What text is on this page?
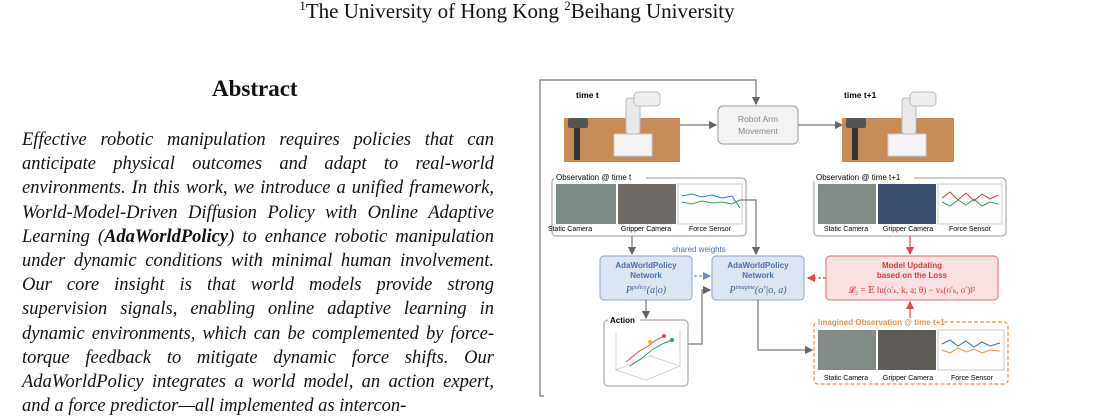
$^1$The University of Hong Kong $^2$Beihang University
Abstract

Effective robotic manipulation requires policies that can anticipate physical outcomes and adapt to real-world environments. In this work, we introduce a unified framework, World-Model-Driven Diffusion Policy with Online Adaptive Learning (AdaWorldPolicy) to enhance robotic manipulation under dynamic conditions with minimal human involvement. Our core insight is that world models provide strong supervision signals, enabling online adaptive learning in dynamic environments, which can be complemented by force-torque feedback to mitigate dynamic force shifts. Our AdaWorldPolicy integrates a world model, an action expert, and a force predictor—all implemented as intercon-

time t
Robot Arm
Movement
time t+1
Observation @ time t
Static Camera	Gripper Camera	Force Sensor
Observation @ time t+1
Static Camera Gripper Camera Force Sensor
shared weights
AdaWorldPolicy
Network
$P^{policy}(a|o)$
AdaWorldPolicy
Network
$P^{imagine}(o'|o$, a)
Model Updating
based on the Loss
𝓛₂ = 𝔼 ‖u(o′ₖ, k, a; θ) − vₖ(o′ₖ, o′)‖²
Imagined Observation @ time t+1
Static Camera Gripper Camera	Force Sensor
Action
